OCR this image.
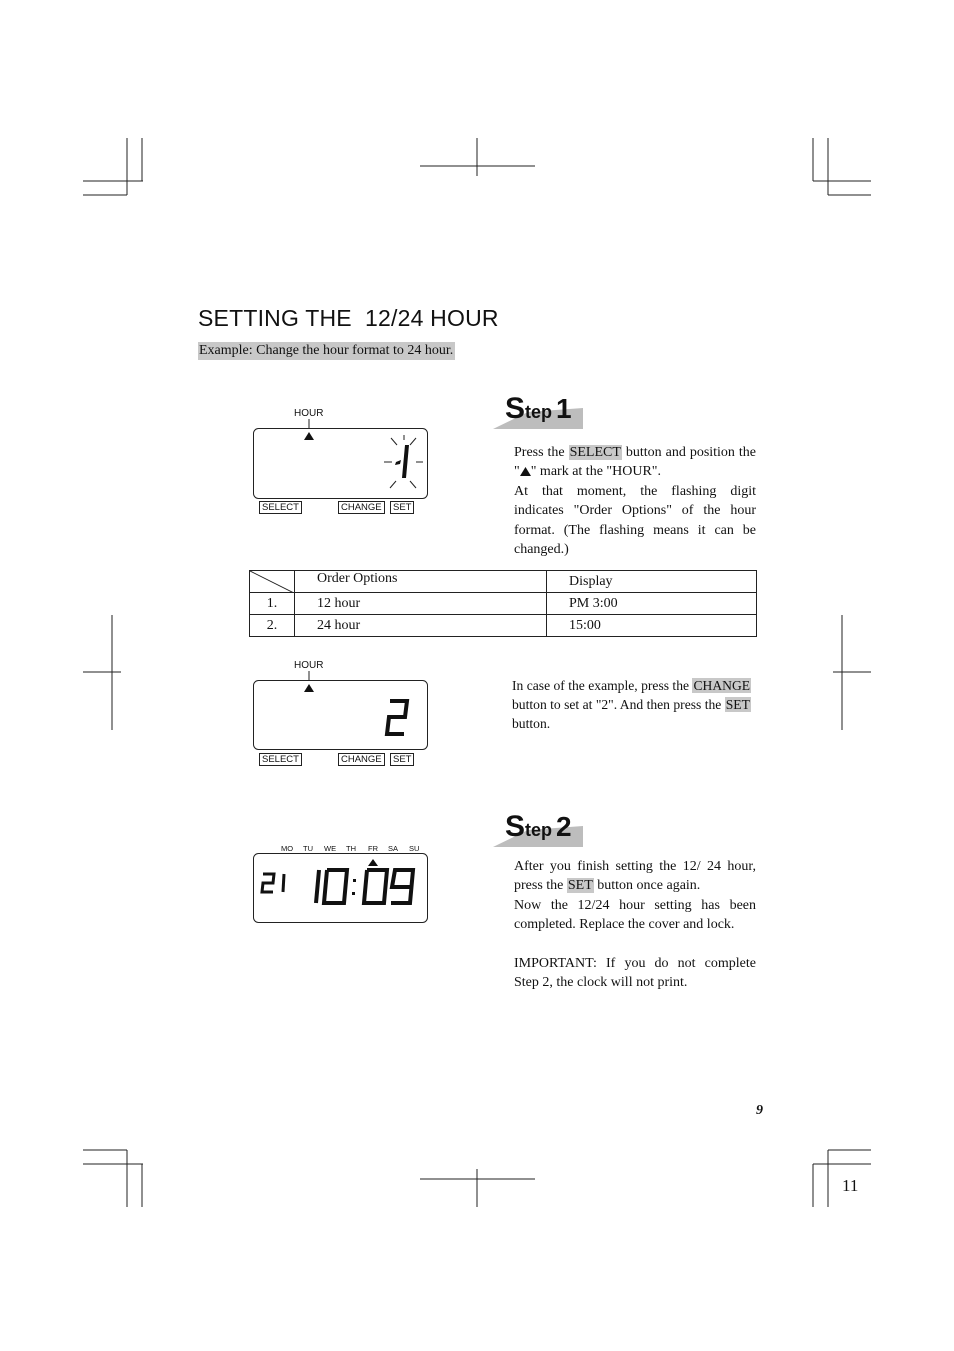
SETTING THE  12/24 HOUR
Example: Change the hour format to 24 hour.
Step 1
HOUR
SELECT	CHANGE	SET

Press the SELECT button and position the " " mark at the "HOUR".

At that moment, the flashing digit indicates "Order Options" of the hour format. (The flashing means it can be changed.)

	Order Options	Display
1.	12 hour	PM 3:00
2.	24 hour	15:00
HOUR
SELECT	CHANGE	SET
In case of the example, press the CHANGE button to set at "2". And then press the SET button.
Step 2
MO TU WE TH FR SA SU

After you finish setting the 12/ 24 hour, press the SET button once again.

Now the 12/24 hour setting has been completed. Replace the cover and lock.

IMPORTANT: If you do not complete Step 2, the clock will not print.

9
11
